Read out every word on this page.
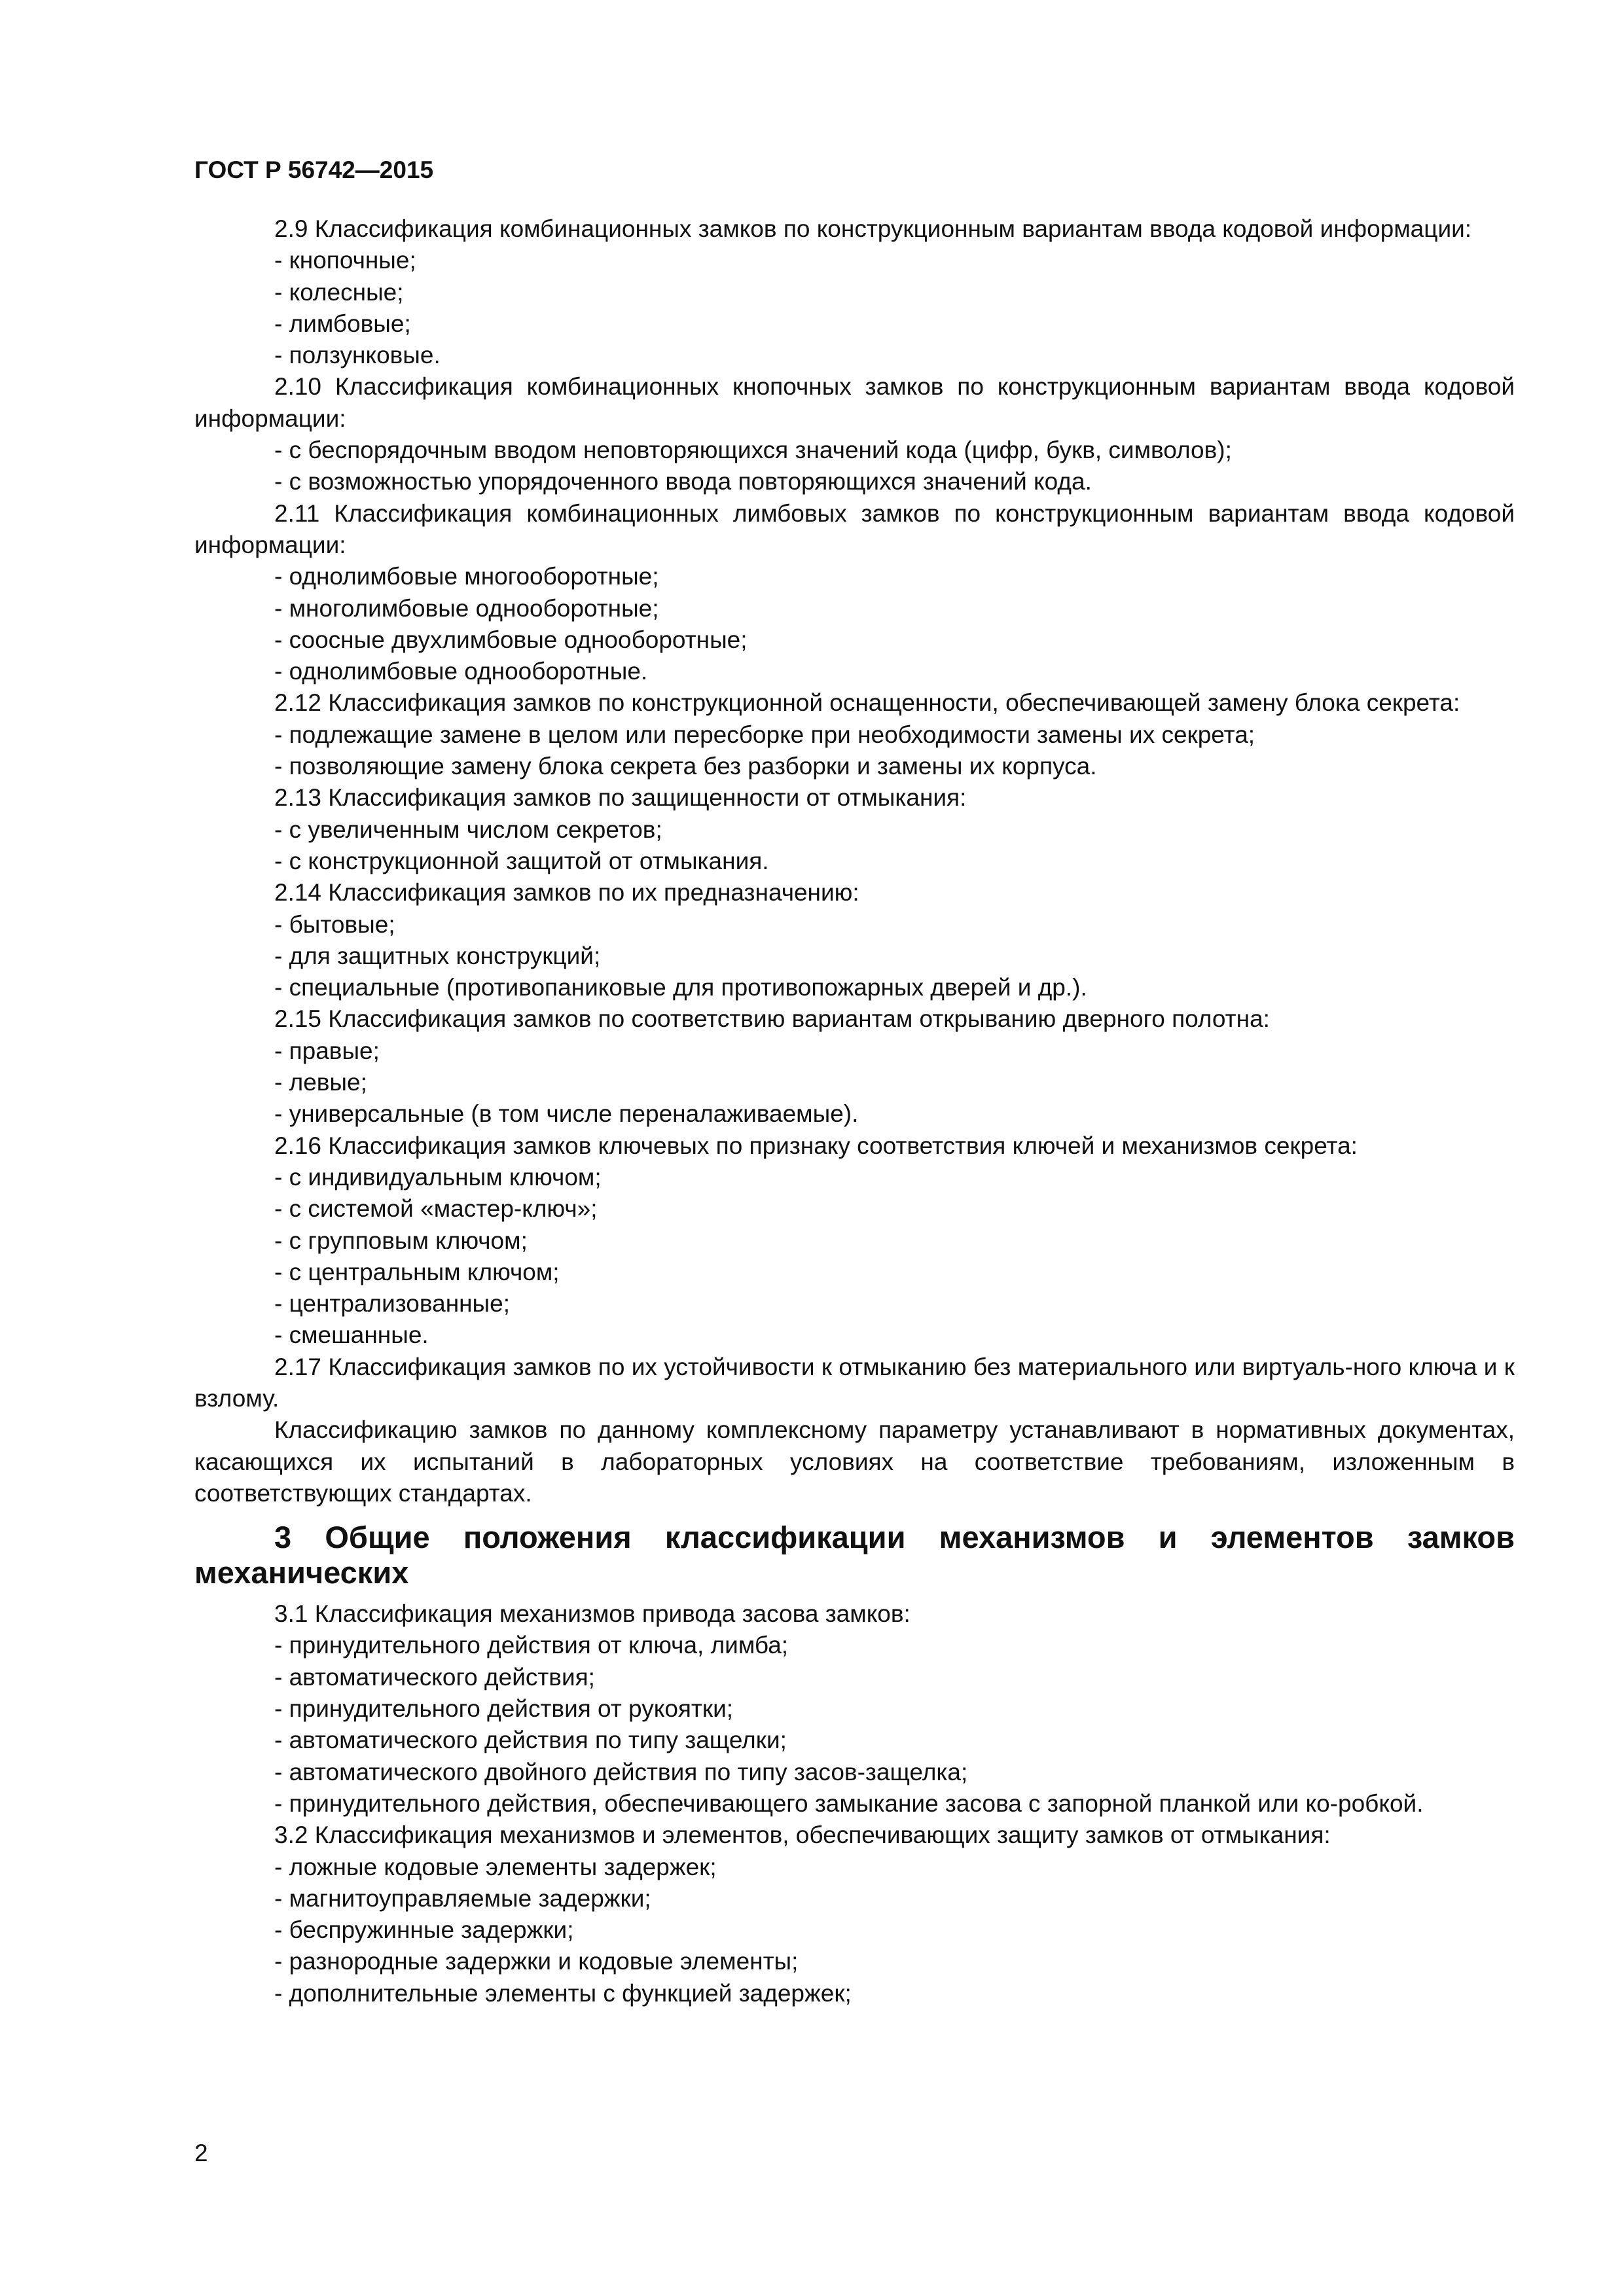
ГОСТ Р 56742—2015

2.9 Классификация комбинационных замков по конструкционным вариантам ввода кодовой информации:

- кнопочные;

- колесные;

- лимбовые;

- ползунковые.

2.10 Классификация комбинационных кнопочных замков по конструкционным вариантам ввода кодовой информации:

- с беспорядочным вводом неповторяющихся значений кода (цифр, букв, символов);

- с возможностью упорядоченного ввода повторяющихся значений кода.

2.11 Классификация комбинационных лимбовых замков по конструкционным вариантам ввода кодовой информации:

- однолимбовые многооборотные;

- многолимбовые однооборотные;

- соосные двухлимбовые однооборотные;

- однолимбовые однооборотные.

2.12 Классификация замков по конструкционной оснащенности, обеспечивающей замену блока секрета:

- подлежащие замене в целом или пересборке при необходимости замены их секрета;

- позволяющие замену блока секрета без разборки и замены их корпуса.

2.13 Классификация замков по защищенности от отмыкания:

- с увеличенным числом секретов;

- с конструкционной защитой от отмыкания.

2.14 Классификация замков по их предназначению:

- бытовые;

- для защитных конструкций;

- специальные (противопаниковые для противопожарных дверей и др.).

2.15 Классификация замков по соответствию вариантам открыванию дверного полотна:

- правые;

- левые;

- универсальные (в том числе переналаживаемые).

2.16 Классификация замков ключевых по признаку соответствия ключей и механизмов секрета:

- с индивидуальным ключом;

- с системой «мастер-ключ»;

- с групповым ключом;

- с центральным ключом;

- централизованные;

- смешанные.

2.17 Классификация замков по их устойчивости к отмыканию без материального или виртуаль-ного ключа и к взлому.

Классификацию замков по данному комплексному параметру устанавливают в нормативных документах, касающихся их испытаний в лабораторных условиях на соответствие требованиям, изложенным в соответствующих стандартах.

3 Общие положения классификации механизмов и элементов замков механических

3.1 Классификация механизмов привода засова замков:

- принудительного действия от ключа, лимба;

- автоматического действия;

- принудительного действия от рукоятки;

- автоматического действия по типу защелки;

- автоматического двойного действия по типу засов-защелка;

- принудительного действия, обеспечивающего замыкание засова с запорной планкой или ко-робкой.

3.2 Классификация механизмов и элементов, обеспечивающих защиту замков от отмыкания:

- ложные кодовые элементы задержек;

- магнитоуправляемые задержки;

- беспружинные задержки;

- разнородные задержки и кодовые элементы;

- дополнительные элементы с функцией задержек;

2
